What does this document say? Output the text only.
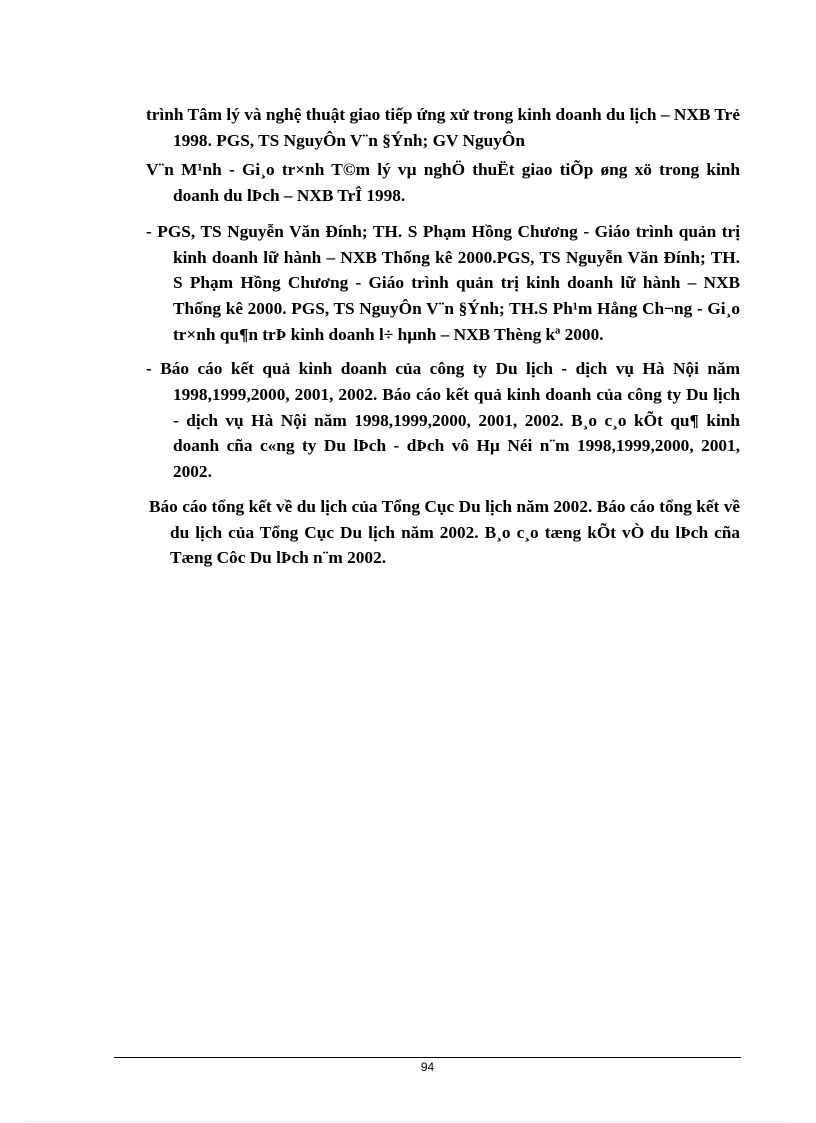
trình Tâm lý và nghệ thuật giao tiếp ứng xử trong kinh doanh du lịch – NXB Trẻ 1998. PGS, TS NguyÔn V¨n §Ýnh; GV NguyÔn

V¨n M¹nh - Gi¸o tr×nh T©m lý vµ nghÖ thuËt giao tiÕp øng xö trong kinh doanh du lÞch – NXB TrÎ 1998.

- PGS, TS Nguyễn Văn Đính; TH. S Phạm Hồng Chương - Giáo trình quản trị kinh doanh lữ hành – NXB Thống kê 2000.PGS, TS Nguyễn Văn Đính; TH. S Phạm Hồng Chương - Giáo trình quản trị kinh doanh lữ hành – NXB Thống kê 2000. PGS, TS NguyÔn V¨n §Ýnh; TH.S Ph¹m Hång Ch¬ng - Gi¸o tr×nh qu¶n trÞ kinh doanh l÷ hµnh – NXB Thèng kª 2000.

- Báo cáo kết quả kinh doanh của công ty Du lịch - dịch vụ Hà Nội năm 1998,1999,2000, 2001, 2002. Báo cáo kết quả kinh doanh của công ty Du lịch - dịch vụ Hà Nội năm 1998,1999,2000, 2001, 2002. B¸o c¸o kÕt qu¶ kinh doanh cña c«ng ty Du lÞch - dÞch vô Hµ Néi n¨m 1998,1999,2000, 2001, 2002.

Báo cáo tổng kết về du lịch của Tổng Cục Du lịch năm 2002. Báo cáo tổng kết về du lịch của Tổng Cục Du lịch năm 2002. B¸o c¸o tæng kÕt vÒ du lÞch cña Tæng Côc Du lÞch n¨m 2002.

94
